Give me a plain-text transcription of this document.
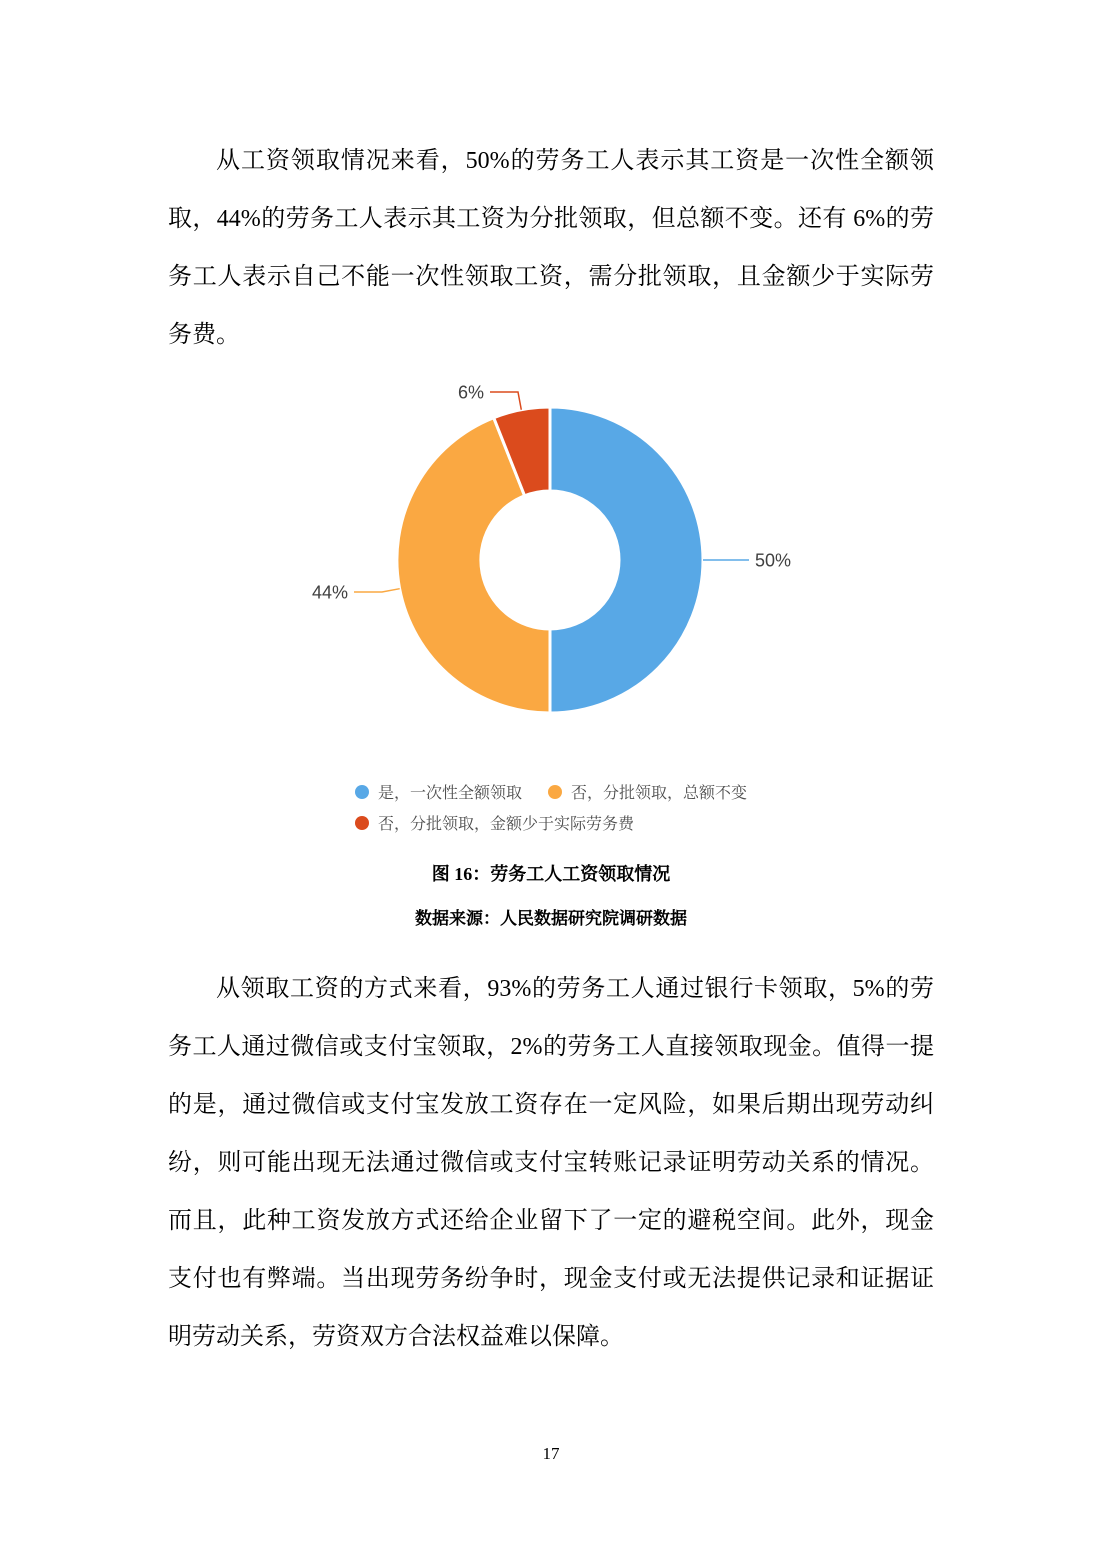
从工资领取情况来看，50%的劳务工人表示其工资是一次性全额领取，44%的劳务工人表示其工资为分批领取，但总额不变。还有 6%的劳务工人表示自己不能一次性领取工资，需分批领取，且金额少于实际劳务费。

50%
44%
6%
是，一次性全额领取	否，分批领取，总额不变
否，分批领取，金额少于实际劳务费
图 16：劳务工人工资领取情况
数据来源：人民数据研究院调研数据

从领取工资的方式来看，93%的劳务工人通过银行卡领取，5%的劳务工人通过微信或支付宝领取，2%的劳务工人直接领取现金。值得一提的是，通过微信或支付宝发放工资存在一定风险，如果后期出现劳动纠纷，则可能出现无法通过微信或支付宝转账记录证明劳动关系的情况。而且，此种工资发放方式还给企业留下了一定的避税空间。此外，现金支付也有弊端。当出现劳务纷争时，现金支付或无法提供记录和证据证明劳动关系，劳资双方合法权益难以保障。

17
